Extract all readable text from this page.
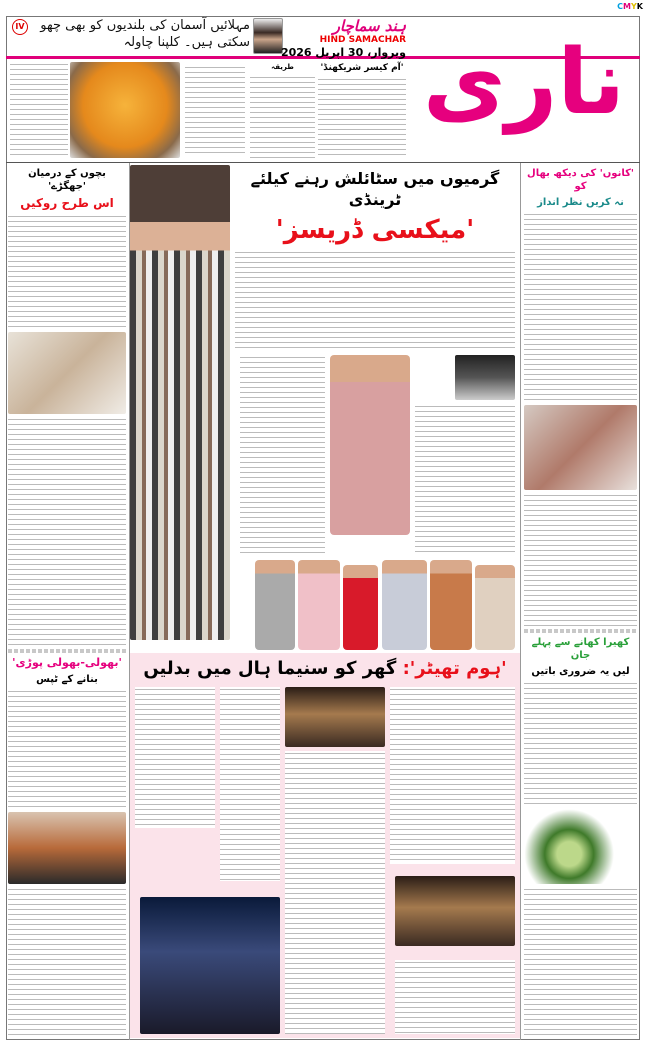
CMYK
IV	مہلائیں آسمان کی بلندیوں کو بھی چھو سکتی ہیں۔ کلپنا چاولہ
ہند سماچار
HIND SAMACHAR
ویروار، 30 اپریل 2026 ناری
طریقہ	'آم کیسر شریکھنڈ'
بچوں کے درمیان 'جھگڑے'
اس طرح روکیں
'بھولی-بھولی پوڑی'
بنانے کے ٹپس
گرمیوں میں سٹائلش رہنے کیلئے ٹرینڈی
'میکسی ڈریسز'
'ہوم تھیٹر': گھر کو سنیما ہال میں بدلیں
'کانوں' کی دیکھ بھال کو
نہ کریں نظر انداز
کھیرا کھانے سے پہلے جان
لیں یہ ضروری باتیں
